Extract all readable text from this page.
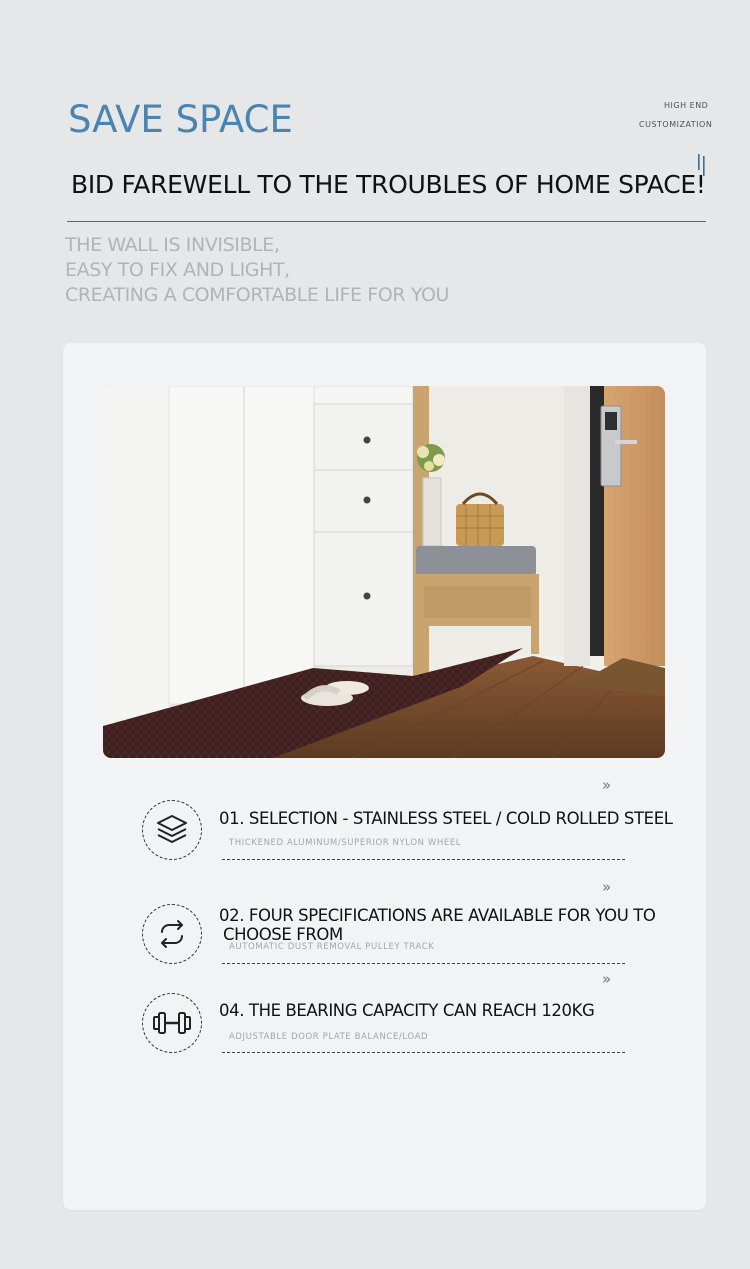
SAVE SPACE	HIGH END
CUSTOMIZATION
BID FAREWELL TO THE TROUBLES OF HOME SPACE!
THE WALL IS INVISIBLE,
EASY TO FIX AND LIGHT,
CREATING A COMFORTABLE LIFE FOR YOU
»
01. SELECTION - STAINLESS STEEL / COLD ROLLED STEEL
THICKENED ALUMINUM/SUPERIOR NYLON WHEEL
»
02. FOUR SPECIFICATIONS ARE AVAILABLE FOR YOU TO
CHOOSE FROM
AUTOMATIC DUST REMOVAL PULLEY TRACK
»
04. THE BEARING CAPACITY CAN REACH 120KG
ADJUSTABLE DOOR PLATE BALANCE/LOAD
